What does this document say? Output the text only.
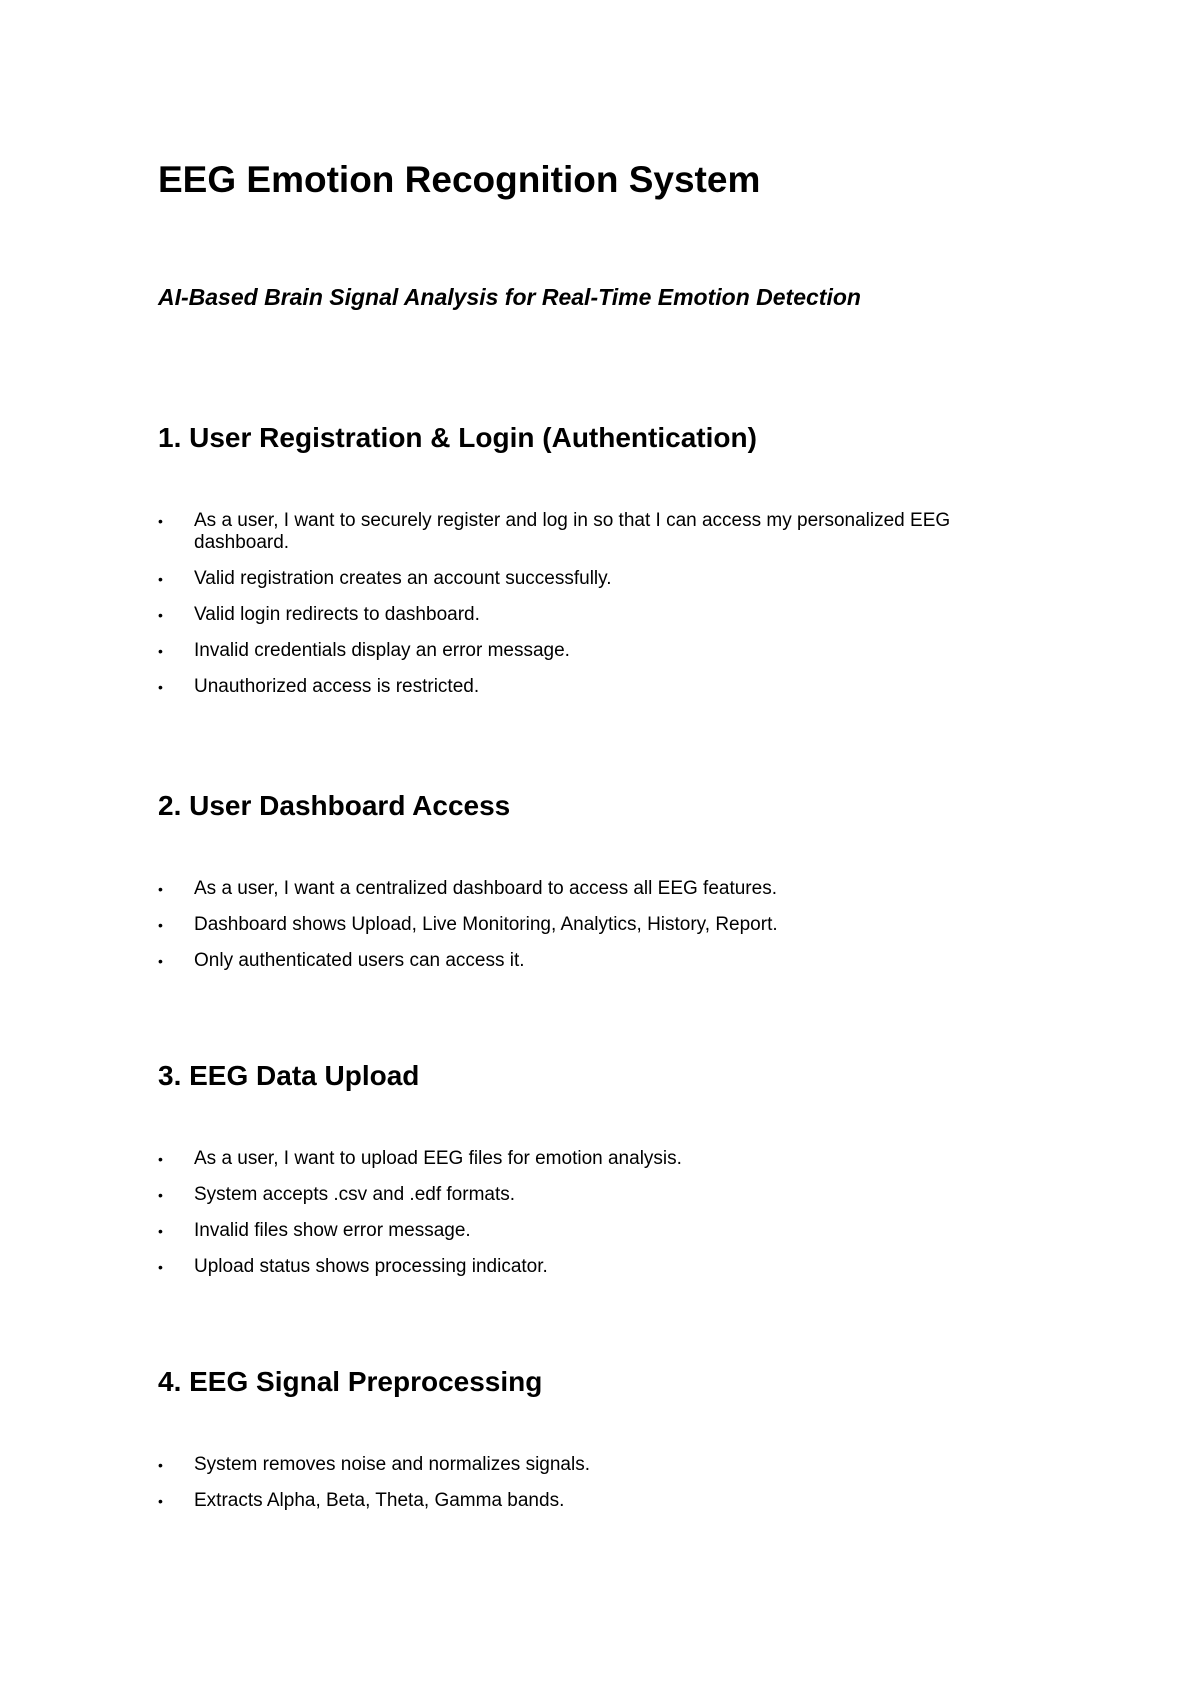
EEG Emotion Recognition System

AI-Based Brain Signal Analysis for Real-Time Emotion Detection

1. User Registration & Login (Authentication)
•	As a user, I want to securely register and log in so that I can access my personalized EEG dashboard.
•	Valid registration creates an account successfully.
•	Valid login redirects to dashboard.
•	Invalid credentials display an error message.
•	Unauthorized access is restricted.
2. User Dashboard Access
•	As a user, I want a centralized dashboard to access all EEG features.
•	Dashboard shows Upload, Live Monitoring, Analytics, History, Report.
•	Only authenticated users can access it.
3. EEG Data Upload
•	As a user, I want to upload EEG files for emotion analysis.
•	System accepts .csv and .edf formats.
•	Invalid files show error message.
•	Upload status shows processing indicator.
4. EEG Signal Preprocessing
•	System removes noise and normalizes signals.
•	Extracts Alpha, Beta, Theta, Gamma bands.
